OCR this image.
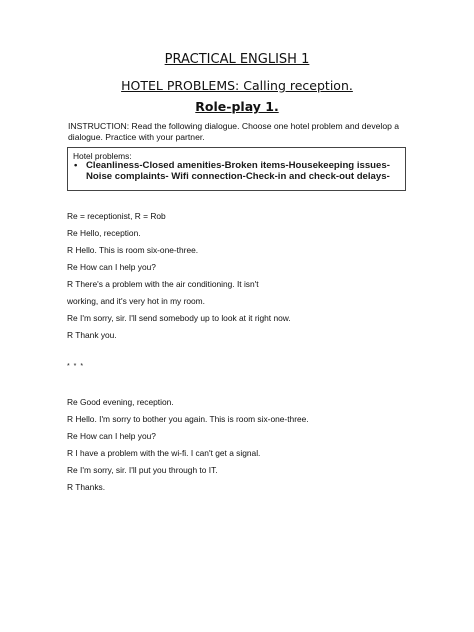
PRACTICAL ENGLISH 1
HOTEL PROBLEMS: Calling reception.
Role-play 1.
INSTRUCTION: Read the following dialogue. Choose one hotel problem and develop a dialogue. Practice with your partner.
Hotel problems:
• Cleanliness-Closed amenities-Broken items-Housekeeping issues-Noise complaints- Wifi connection-Check-in and check-out delays-
Re = receptionist, R = Rob
Re Hello, reception.
R Hello. This is room six-one-three.
Re How can I help you?
R There's a problem with the air conditioning. It isn't
working, and it's very hot in my room.
Re I'm sorry, sir. I'll send somebody up to look at it right now.
R Thank you.
* * *
Re Good evening, reception.
R Hello. I'm sorry to bother you again. This is room six-one-three.
Re How can I help you?
R I have a problem with the wi-fi. I can't get a signal.
Re I'm sorry, sir. I'll put you through to IT.
R Thanks.
